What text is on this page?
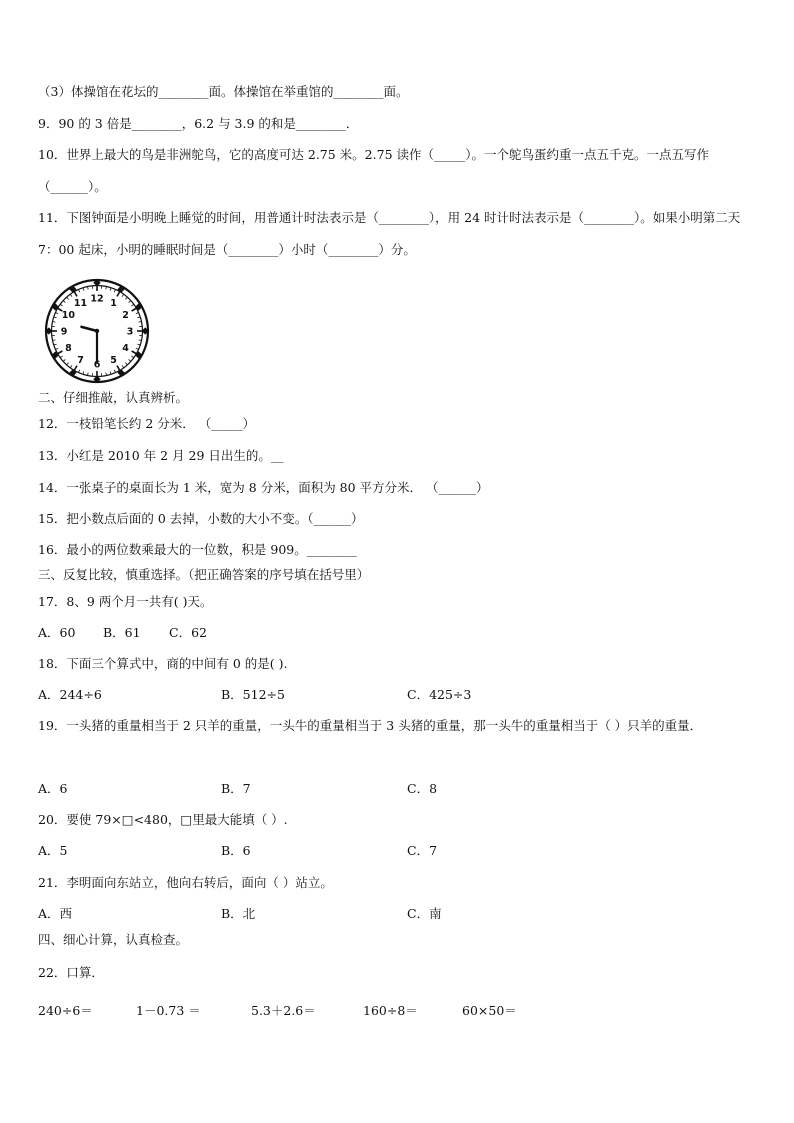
（3）体操馆在花坛的________面。体操馆在举重馆的________面。
9．90 的 3 倍是________，6.2 与 3.9 的和是________．
10．世界上最大的鸟是非洲鸵鸟，它的高度可达 2.75 米。2.75 读作（_____）。一个鸵鸟蛋约重一点五千克。一点五写作（______）。
11．下图钟面是小明晚上睡觉的时间，用普通计时法表示是（________），用 24 时计时法表示是（________）。如果小明第二天 7：00 起床，小明的睡眠时间是（________）小时（________）分。
12 1
2
3
4
5
6
7
8
9
10
11
二、仔细推敲，认真辨析。
12．一枝铅笔长约 2 分米． （_____）
13．小红是 2010 年 2 月 29 日出生的。__
14．一张桌子的桌面长为 1 米，宽为 8 分米，面积为 80 平方分米． （______）
15．把小数点后面的 0 去掉，小数的大小不变。（______）
16．最小的两位数乘最大的一位数，积是 909。________
三、反复比较，慎重选择。（把正确答案的序号填在括号里）
17．8、9 两个月一共有( )天。
A．60 B．61 C．62
18．下面三个算式中，商的中间有 0 的是( ).
A．244÷6	B．512÷5	C．425÷3
19．一头猪的重量相当于 2 只羊的重量，一头牛的重量相当于 3 头猪的重量，那一头牛的重量相当于（ ）只羊的重量．
A．6	B．7	C．8
20．要使 79×□<480，□里最大能填（ ）.
A．5	B．6	C．7
21．李明面向东站立，他向右转后，面向（ ）站立。
A．西	B．北	C．南
四、细心计算，认真检查。
22．口算．
240÷6＝	1－0.73 ＝	5.3＋2.6＝	160÷8＝	60×50＝
